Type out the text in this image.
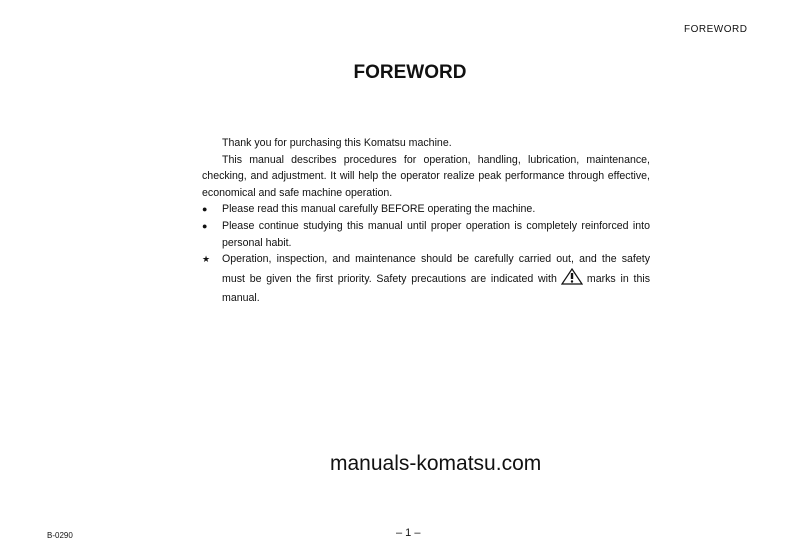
FOREWORD
FOREWORD
Thank you for purchasing this Komatsu machine.
This manual describes procedures for operation, handling, lubrication, maintenance, checking, and adjustment. It will help the operator realize peak performance through effective, economical and safe machine operation.
● Please read this manual carefully BEFORE operating the machine.
● Please continue studying this manual until proper operation is completely reinforced into personal habit.
★ Operation, inspection, and maintenance should be carefully carried out, and the safety must be given the first priority. Safety precautions are indicated with	marks in this manual.
manuals-komatsu.com
B-0290	– 1 –
